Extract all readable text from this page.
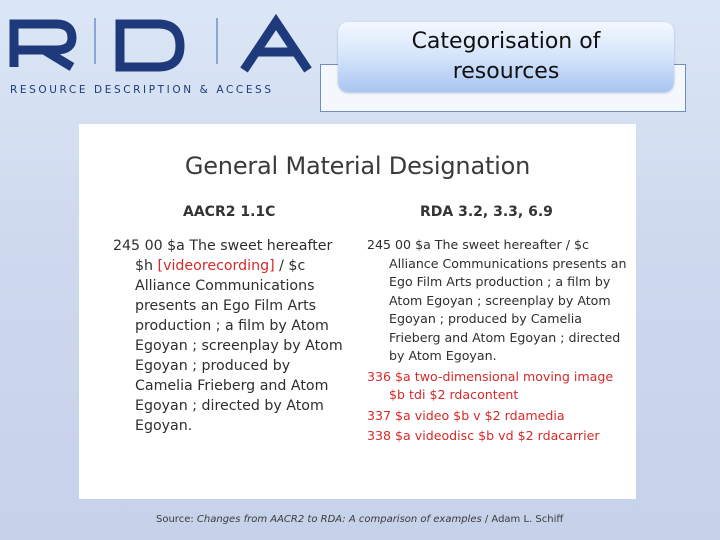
RESOURCE DESCRIPTION & ACCESS
Categorisation of resources
General Material Designation
AACR2 1.1C	RDA 3.2, 3.3, 6.9
245 00 $a The sweet hereafter $h [videorecording] / $c Alliance Communications presents an Ego Film Arts production ; a film by Atom Egoyan ; screenplay by Atom Egoyan ; produced by Camelia Frieberg and Atom Egoyan ; directed by Atom Egoyan.
245 00 $a The sweet hereafter / $c Alliance Communications presents an Ego Film Arts production ; a film by Atom Egoyan ; screenplay by Atom Egoyan ; produced by Camelia Frieberg and Atom Egoyan ; directed by Atom Egoyan.
336 $a two-dimensional moving image $b tdi $2 rdacontent
337 $a video $b v $2 rdamedia
338 $a videodisc $b vd $2 rdacarrier
Source: Changes from AACR2 to RDA: A comparison of examples / Adam L. Schiff
